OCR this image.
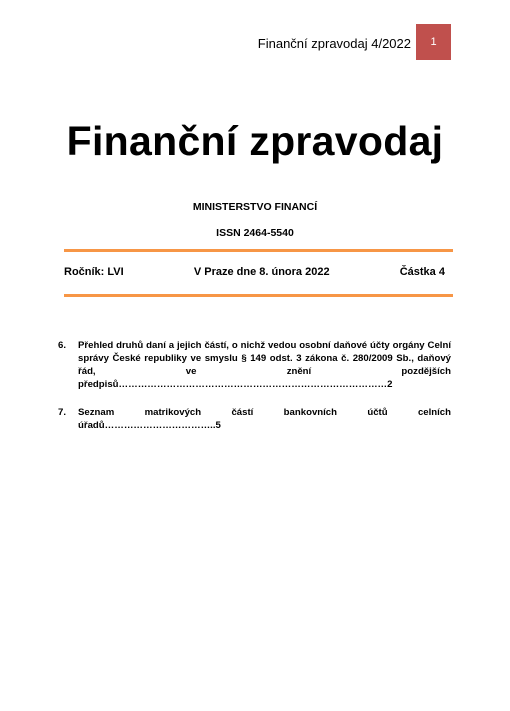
Finanční zpravodaj 4/2022	1
Finanční zpravodaj
MINISTERSTVO FINANCÍ
ISSN 2464-5540
Ročník: LVI	V Praze dne 8. února 2022	Částka 4
6.	Přehled druhů daní a jejich částí, o nichž vedou osobní daňové účty orgány Celní správy České republiky ve smyslu § 149 odst. 3 zákona č. 280/2009 Sb., daňový řád, ve znění pozdějších předpisů…………………………………………………………………………2
7.	Seznam matrikových částí bankovních účtů celních úřadů……………………………..5
